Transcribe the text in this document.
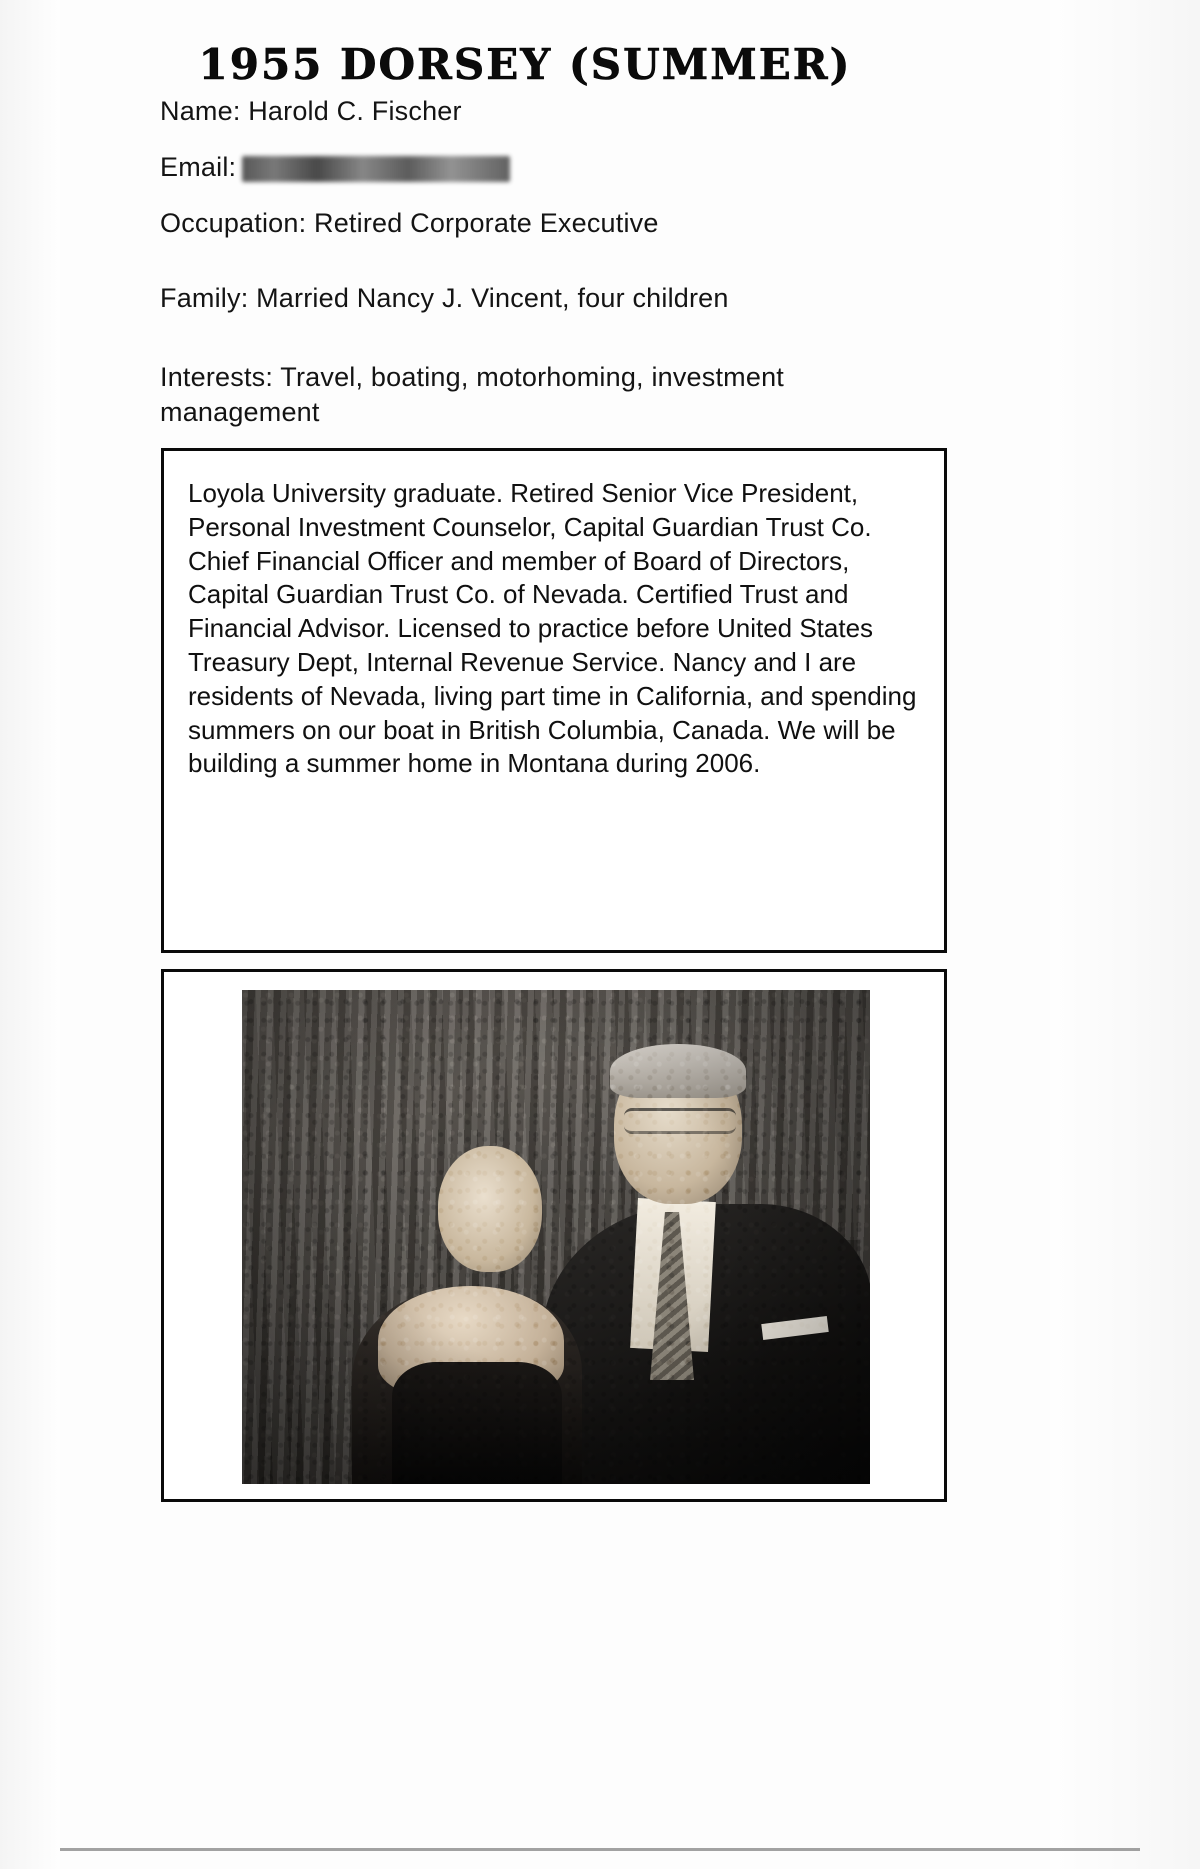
1955 DORSEY (SUMMER)
Name: Harold C. Fischer
Email:
Occupation: Retired Corporate Executive
Family: Married Nancy J. Vincent, four children
Interests: Travel, boating, motorhoming, investment management
Loyola University graduate. Retired Senior Vice President, Personal Investment Counselor, Capital Guardian Trust Co. Chief Financial Officer and member of Board of Directors, Capital Guardian Trust Co. of Nevada. Certified Trust and Financial Advisor. Licensed to practice before United States Treasury Dept, Internal Revenue Service. Nancy and I are residents of Nevada, living part time in California, and spending summers on our boat in British Columbia, Canada. We will be building a summer home in Montana during 2006.
